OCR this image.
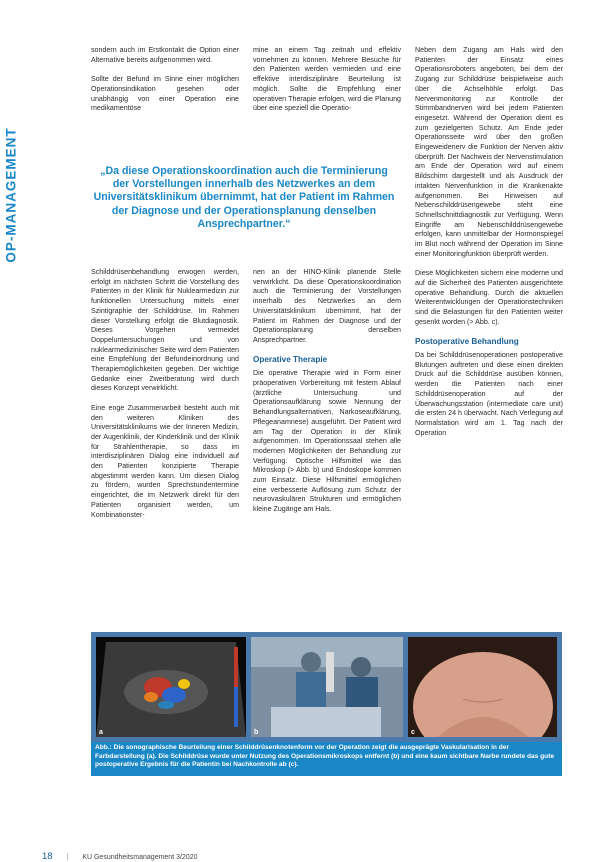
OP-MANAGEMENT

sondern auch im Erstkontakt die Option einer Alternative bereits aufgenommen wird.

Sollte der Befund im Sinne einer möglichen Operationsindikation gesehen oder unabhängig von einer Operation eine medikamentöse

mine an einem Tag zeitnah und effektiv vornehmen zu können. Mehrere Besuche für den Patienten werden vermieden und eine effektive interdisziplinäre Beurteilung ist möglich. Sollte die Empfehlung einer operativen Therapie erfolgen, wird die Planung über eine speziell die Operatio-

„Da diese Operationskoordination auch die Terminierung der Vorstellungen innerhalb des Netzwerkes an dem Universitätsklinikum übernimmt, hat der Patient im Rahmen der Diagnose und der Operationsplanung denselben Ansprechpartner.“

Schilddrüsenbehandlung erwogen werden, erfolgt im nächsten Schritt die Vorstellung des Patienten in der Klinik für Nuklearmedizin zur funktionellen Untersuchung mittels einer Szintigraphie der Schilddrüse. Im Rahmen dieser Vorstellung erfolgt die Blutdiagnostik. Dieses Vorgehen vermeidet Doppeluntersuchungen und von nuklearmedizinischer Seite wird dem Patienten eine Empfehlung der Befundeinordnung und Therapiemöglichkeiten gegeben. Der wichtige Gedanke einer Zweitberatung wird durch dieses Konzept verwirklicht.

Eine enge Zusammenarbeit besteht auch mit den weiteren Kliniken des Universitätsklinikums wie der Inneren Medizin, der Augenklinik, der Kinderklinik und der Klinik für Strahlentherapie, so dass im interdisziplinären Dialog eine individuell auf den Patienten konzipierte Therapie abgestimmt werden kann. Um diesen Dialog zu fördern, wurden Sprechstundentermine eingerichtet, die im Netzwerk direkt für den Patienten organisiert werden, um Kombinationster-

nen an der HINO-Klinik planende Stelle verwirklicht. Da diese Operationskoordination auch die Terminierung der Vorstellungen innerhalb des Netzwerkes an dem Universitätsklinikum übernimmt, hat der Patient im Rahmen der Diagnose und der Operationsplanung denselben Ansprechpartner.

Operative Therapie

Die operative Therapie wird in Form einer präoperativen Vorbereitung mit festem Ablauf (ärztliche Untersuchung und Operationsaufklärung sowie Nennung der Behandlungsalternativen, Narkoseaufklärung, Pflegeanamnese) ausgeführt. Der Patient wird am Tag der Operation in der Klinik aufgenommen. Im Operationssaal stehen alle modernen Möglichkeiten der Behandlung zur Verfügung. Optische Hilfsmittel wie das Mikroskop (> Abb. b) und Endoskope kommen zum Einsatz. Diese Hilfsmittel ermöglichen eine verbesserte Auflösung zum Schutz der neurovaskulären Strukturen und ermöglichen kleine Zugänge am Hals.

Neben dem Zugang am Hals wird den Patienten der Einsatz eines Operationsroboters angeboten, bei dem der Zugang zur Schilddrüse beispielweise auch über die Achselhöhle erfolgt. Das Nervenmonitoring zur Kontrolle der Stimmbandnerven wird bei jedem Patienten eingesetzt. Während der Operation dient es zum gezielgerten Schutz. Am Ende jeder Operationsseite wird über den großen Eingeweidenerv die Funktion der Nerven aktiv überprüft. Der Nachweis der Nervenstimulation am Ende der Operation wird auf einem Bildschirm dargestellt und als Ausdruck der intakten Nervenfunktion in die Krankenakte aufgenommen. Bei Hinweisen auf Nebenschilddrüsengewebe steht eine Schnellschnittdiagnostik zur Verfügung. Wenn Eingriffe am Nebenschilddrüsengewebe erfolgen, kann unmittelbar der Hormonspiegel im Blut noch während der Operation im Sinne einer Monitoringfunktion überprüft werden.

Diese Möglichkeiten sichern eine moderne und auf die Sicherheit des Patienten ausgerichtete operative Behandlung. Durch die aktuellen Weiterentwicklungen der Operationstechniken sind die Belastungen für den Patienten weiter gesenkt worden (> Abb. c).

Postoperative Behandlung

Da bei Schilddrüsenoperationen postoperative Blutungen auftreten und diese einen direkten Druck auf die Schilddrüse ausüben können, werden die Patienten nach einer Schilddrüsenoperation auf der Überwachungsstation (intermediate care unit) die ersten 24 h überwacht. Nach Verlegung auf Normalstation wird am 1. Tag nach der Operation

a	b	c
Abb.: Die sonographische Beurteilung einer Schilddrüsenknotenform vor der Operation zeigt die ausgeprägte Vaskularisation in der Farbdarstellung (a). Die Schilddrüse wurde unter Nutzung des Operationsmikroskops entfernt (b) und eine kaum sichtbare Narbe rundete das gute postoperative Ergebnis für die Patientin bei Nachkontrolle ab (c).
18 | KU Gesundheitsmanagement 3/2020
